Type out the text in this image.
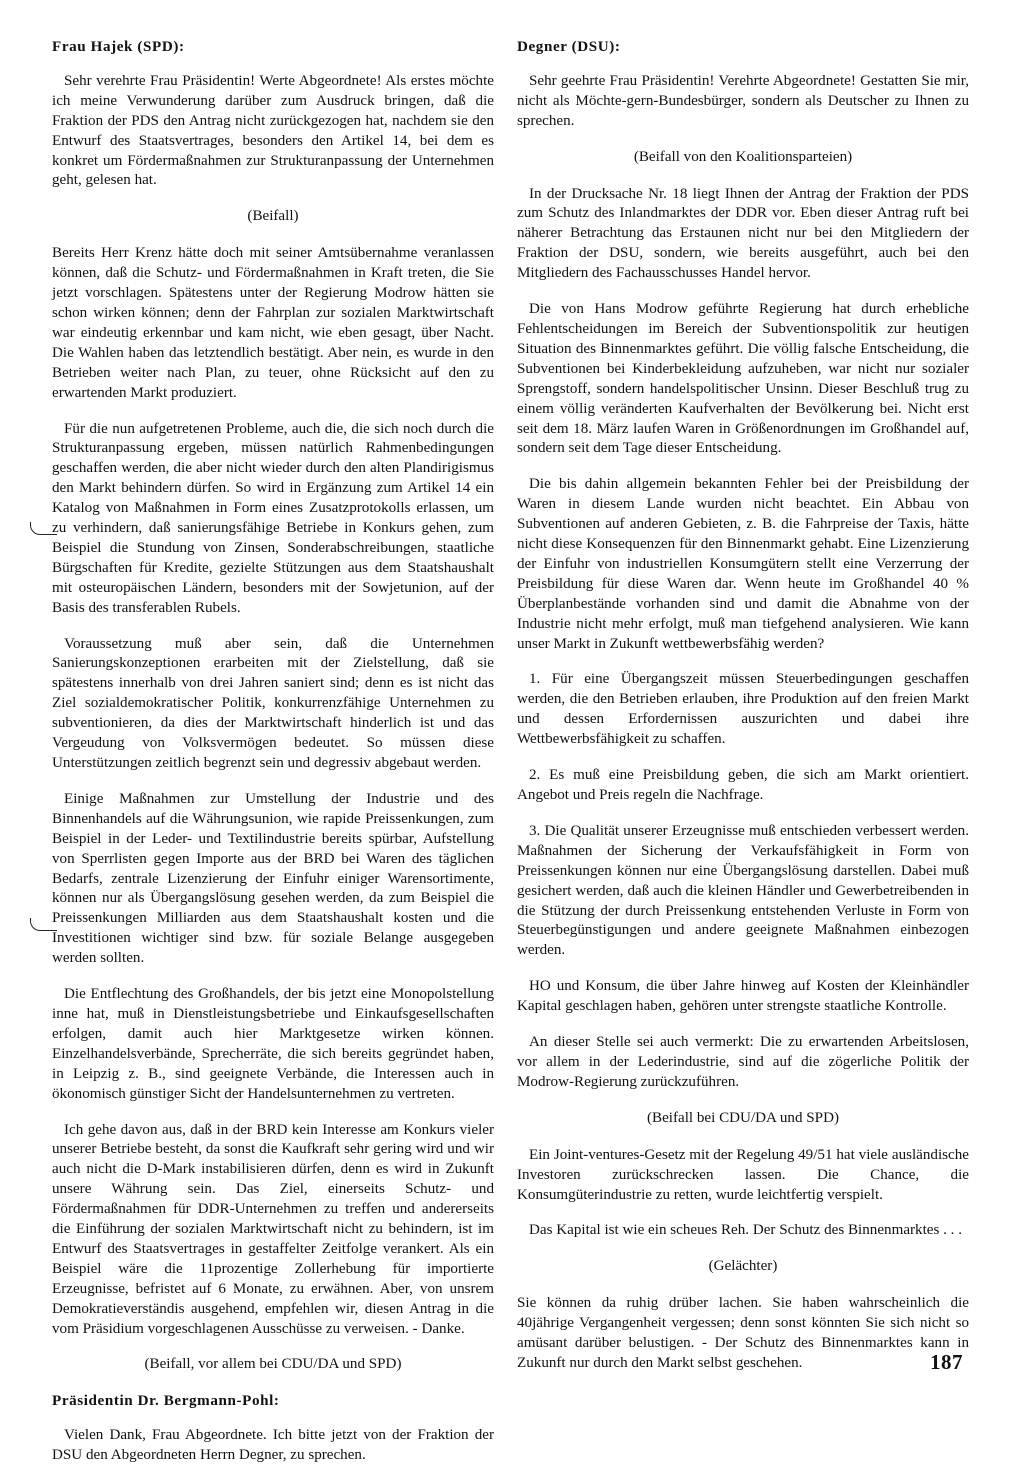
Frau Hajek (SPD):

Sehr verehrte Frau Präsidentin! Werte Abgeordnete! Als erstes möchte ich meine Verwunderung darüber zum Ausdruck bringen, daß die Fraktion der PDS den Antrag nicht zurückgezogen hat, nachdem sie den Entwurf des Staatsvertrages, besonders den Artikel 14, bei dem es konkret um Fördermaßnahmen zur Strukturanpassung der Unternehmen geht, gelesen hat.

(Beifall)

Bereits Herr Krenz hätte doch mit seiner Amtsübernahme veranlassen können, daß die Schutz- und Fördermaßnahmen in Kraft treten, die Sie jetzt vorschlagen. Spätestens unter der Regierung Modrow hätten sie schon wirken können; denn der Fahrplan zur sozialen Marktwirtschaft war eindeutig erkennbar und kam nicht, wie eben gesagt, über Nacht. Die Wahlen haben das letztendlich bestätigt. Aber nein, es wurde in den Betrieben weiter nach Plan, zu teuer, ohne Rücksicht auf den zu erwartenden Markt produziert.

Für die nun aufgetretenen Probleme, auch die, die sich noch durch die Strukturanpassung ergeben, müssen natürlich Rahmenbedingungen geschaffen werden, die aber nicht wieder durch den alten Plandirigismus den Markt behindern dürfen. So wird in Ergänzung zum Artikel 14 ein Katalog von Maßnahmen in Form eines Zusatzprotokolls erlassen, um zu verhindern, daß sanierungsfähige Betriebe in Konkurs gehen, zum Beispiel die Stundung von Zinsen, Sonderabschreibungen, staatliche Bürgschaften für Kredite, gezielte Stützungen aus dem Staatshaushalt mit osteuropäischen Ländern, besonders mit der Sowjetunion, auf der Basis des transferablen Rubels.

Voraussetzung muß aber sein, daß die Unternehmen Sanierungskonzeptionen erarbeiten mit der Zielstellung, daß sie spätestens innerhalb von drei Jahren saniert sind; denn es ist nicht das Ziel sozialdemokratischer Politik, konkurrenzfähige Unternehmen zu subventionieren, da dies der Marktwirtschaft hinderlich ist und das Vergeudung von Volksvermögen bedeutet. So müssen diese Unterstützungen zeitlich begrenzt sein und degressiv abgebaut werden.

Einige Maßnahmen zur Umstellung der Industrie und des Binnenhandels auf die Währungsunion, wie rapide Preissenkungen, zum Beispiel in der Leder- und Textilindustrie bereits spürbar, Aufstellung von Sperrlisten gegen Importe aus der BRD bei Waren des täglichen Bedarfs, zentrale Lizenzierung der Einfuhr einiger Warensortimente, können nur als Übergangslösung gesehen werden, da zum Beispiel die Preissenkungen Milliarden aus dem Staatshaushalt kosten und die Investitionen wichtiger sind bzw. für soziale Belange ausgegeben werden sollten.

Die Entflechtung des Großhandels, der bis jetzt eine Monopolstellung inne hat, muß in Dienstleistungsbetriebe und Einkaufsgesellschaften erfolgen, damit auch hier Marktgesetze wirken können. Einzelhandelsverbände, Sprecherräte, die sich bereits gegründet haben, in Leipzig z. B., sind geeignete Verbände, die Interessen auch in ökonomisch günstiger Sicht der Handelsunternehmen zu vertreten.

Ich gehe davon aus, daß in der BRD kein Interesse am Konkurs vieler unserer Betriebe besteht, da sonst die Kaufkraft sehr gering wird und wir auch nicht die D-Mark instabilisieren dürfen, denn es wird in Zukunft unsere Währung sein. Das Ziel, einerseits Schutz- und Fördermaßnahmen für DDR-Unternehmen zu treffen und andererseits die Einführung der sozialen Marktwirtschaft nicht zu behindern, ist im Entwurf des Staatsvertrages in gestaffelter Zeitfolge verankert. Als ein Beispiel wäre die 11prozentige Zollerhebung für importierte Erzeugnisse, befristet auf 6 Monate, zu erwähnen. Aber, von unsrem Demokratieverständis ausgehend, empfehlen wir, diesen Antrag in die vom Präsidium vorgeschlagenen Ausschüsse zu verweisen. - Danke.

(Beifall, vor allem bei CDU/DA und SPD)
Präsidentin Dr. Bergmann-Pohl:

Vielen Dank, Frau Abgeordnete. Ich bitte jetzt von der Fraktion der DSU den Abgeordneten Herrn Degner, zu sprechen.

Degner (DSU):

Sehr geehrte Frau Präsidentin! Verehrte Abgeordnete! Gestatten Sie mir, nicht als Möchte-gern-Bundesbürger, sondern als Deutscher zu Ihnen zu sprechen.

(Beifall von den Koalitionsparteien)

In der Drucksache Nr. 18 liegt Ihnen der Antrag der Fraktion der PDS zum Schutz des Inlandmarktes der DDR vor. Eben dieser Antrag ruft bei näherer Betrachtung das Erstaunen nicht nur bei den Mitgliedern der Fraktion der DSU, sondern, wie bereits ausgeführt, auch bei den Mitgliedern des Fachausschusses Handel hervor.

Die von Hans Modrow geführte Regierung hat durch erhebliche Fehlentscheidungen im Bereich der Subventionspolitik zur heutigen Situation des Binnenmarktes geführt. Die völlig falsche Entscheidung, die Subventionen bei Kinderbekleidung aufzuheben, war nicht nur sozialer Sprengstoff, sondern handelspolitischer Unsinn. Dieser Beschluß trug zu einem völlig veränderten Kaufverhalten der Bevölkerung bei. Nicht erst seit dem 18. März laufen Waren in Größenordnungen im Großhandel auf, sondern seit dem Tage dieser Entscheidung.

Die bis dahin allgemein bekannten Fehler bei der Preisbildung der Waren in diesem Lande wurden nicht beachtet. Ein Abbau von Subventionen auf anderen Gebieten, z. B. die Fahrpreise der Taxis, hätte nicht diese Konsequenzen für den Binnenmarkt gehabt. Eine Lizenzierung der Einfuhr von industriellen Konsumgütern stellt eine Verzerrung der Preisbildung für diese Waren dar. Wenn heute im Großhandel 40 % Überplanbestände vorhanden sind und damit die Abnahme von der Industrie nicht mehr erfolgt, muß man tiefgehend analysieren. Wie kann unser Markt in Zukunft wettbewerbsfähig werden?

1. Für eine Übergangszeit müssen Steuerbedingungen geschaffen werden, die den Betrieben erlauben, ihre Produktion auf den freien Markt und dessen Erfordernissen auszurichten und dabei ihre Wettbewerbsfähigkeit zu schaffen.

2. Es muß eine Preisbildung geben, die sich am Markt orientiert. Angebot und Preis regeln die Nachfrage.

3. Die Qualität unserer Erzeugnisse muß entschieden verbessert werden. Maßnahmen der Sicherung der Verkaufsfähigkeit in Form von Preissenkungen können nur eine Übergangslösung darstellen. Dabei muß gesichert werden, daß auch die kleinen Händler und Gewerbetreibenden in die Stützung der durch Preissenkung entstehenden Verluste in Form von Steuerbegünstigungen und andere geeignete Maßnahmen einbezogen werden.

HO und Konsum, die über Jahre hinweg auf Kosten der Kleinhändler Kapital geschlagen haben, gehören unter strengste staatliche Kontrolle.

An dieser Stelle sei auch vermerkt: Die zu erwartenden Arbeitslosen, vor allem in der Lederindustrie, sind auf die zögerliche Politik der Modrow-Regierung zurückzuführen.

(Beifall bei CDU/DA und SPD)

Ein Joint-ventures-Gesetz mit der Regelung 49/51 hat viele ausländische Investoren zurückschrecken lassen. Die Chance, die Konsumgüterindustrie zu retten, wurde leichtfertig verspielt.

Das Kapital ist wie ein scheues Reh. Der Schutz des Binnenmarktes . . .

(Gelächter)

Sie können da ruhig drüber lachen. Sie haben wahrscheinlich die 40jährige Vergangenheit vergessen; denn sonst könnten Sie sich nicht so amüsant darüber belustigen. - Der Schutz des Binnenmarktes kann in Zukunft nur durch den Markt selbst geschehen.	187
